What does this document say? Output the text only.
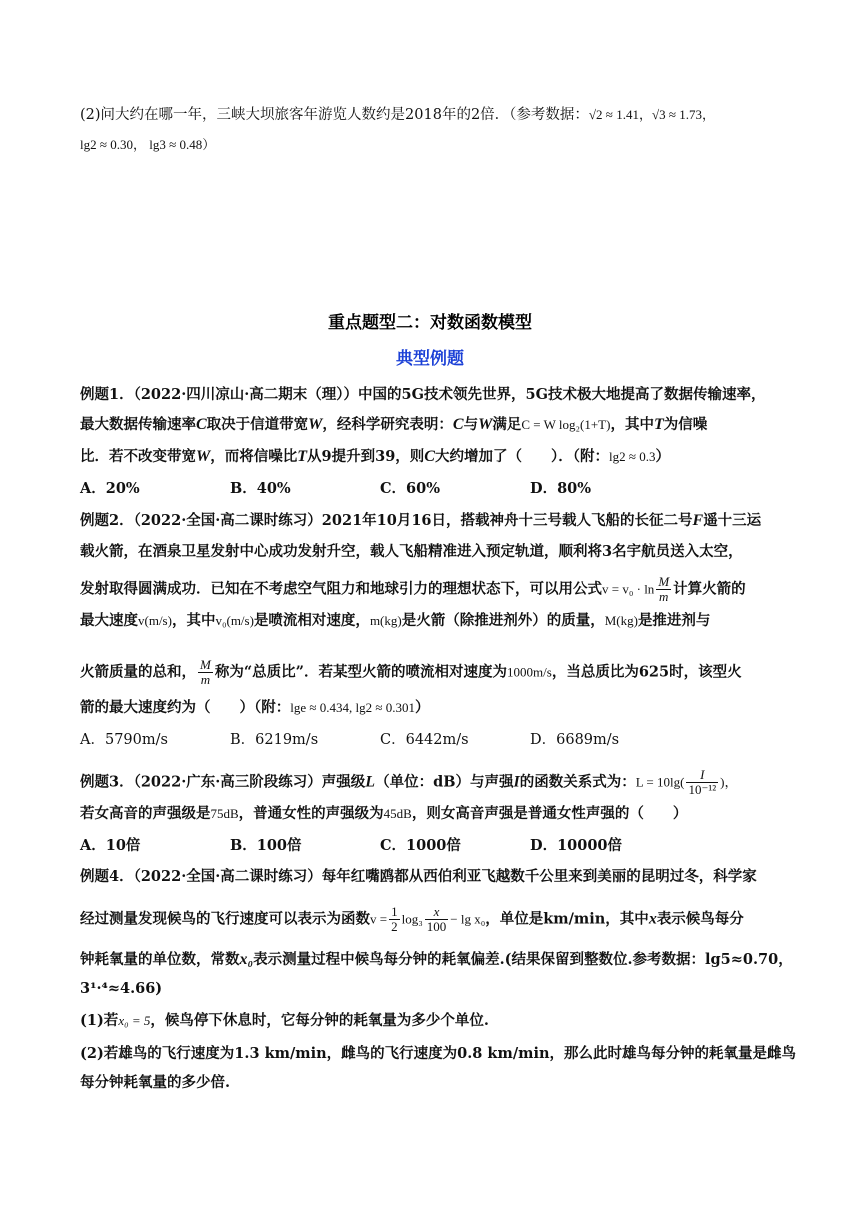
(2)问大约在哪一年，三峡大坝旅客年游览人数约是2018年的2倍．（参考数据：√2 ≈ 1.41，√3 ≈ 1.73，
lg2 ≈ 0.30， lg3 ≈ 0.48）
重点题型二：对数函数模型
典型例题
例题1．（2022·四川凉山·高二期末（理））中国的5G技术领先世界，5G技术极大地提高了数据传输速率，
最大数据传输速率C取决于信道带宽W，经科学研究表明：C与W满足C = W log₂(1+T)，其中T为信噪
比．若不改变带宽W，而将信噪比T从9提升到39，则C大约增加了（　　）．（附：lg2 ≈ 0.3）
A．20%	B．40%	C．60%	D．80%
例题2．（2022·全国·高二课时练习）2021年10月16日，搭载神舟十三号载人飞船的长征二号F遥十三运
载火箭，在酒泉卫星发射中心成功发射升空，载人飞船精准进入预定轨道，顺利将3名宇航员送入太空，
发射取得圆满成功．已知在不考虑空气阻力和地球引力的理想状态下，可以用公式$v = v_0 \cdot \ln \frac{M}{m}$ 计算火箭的
最大速度v(m/s)，其中v₀(m/s)是喷流相对速度，m(kg)是火箭（除推进剂外）的质量，M(kg)是推进剂与
火箭质量的总和， $\frac{M}{m}$ 称为“总质比”．若某型火箭的喷流相对速度为1000m/s，当总质比为625时，该型火
箭的最大速度约为（　　）（附：lge ≈ 0.434, lg2 ≈ 0.301）
A．5790m/s	B．6219m/s	C．6442m/s	D．6689m/s
例题3．（2022·广东·高三阶段练习）声强级L（单位：dB）与声强I的函数关系式为：$L = 10\lg( \frac{I}{\text{10⁻¹²}}$ )，
若女高音的声强级是75dB，普通女性的声强级为45dB，则女高音声强是普通女性声强的（　　）
A．10倍	B．100倍	C．1000倍	D．10000倍
例题4．（2022·全国·高二课时练习）每年红嘴鸥都从西伯利亚飞越数千公里来到美丽的昆明过冬，科学家
经过测量发现候鸟的飞行速度可以表示为函数$v = \frac{1}{2} \log_3 \frac{x}{100} - \lg x_0$，单位是km/min，其中x表示候鸟每分
钟耗氧量的单位数，常数x₀表示测量过程中候鸟每分钟的耗氧偏差.(结果保留到整数位.参考数据：lg5≈0.70，
3¹·⁴≈4.66)
(1)若x₀ = 5，候鸟停下休息时，它每分钟的耗氧量为多少个单位.
(2)若雄鸟的飞行速度为1.3 km/min，雌鸟的飞行速度为0.8 km/min，那么此时雄鸟每分钟的耗氧量是雌鸟
每分钟耗氧量的多少倍.
